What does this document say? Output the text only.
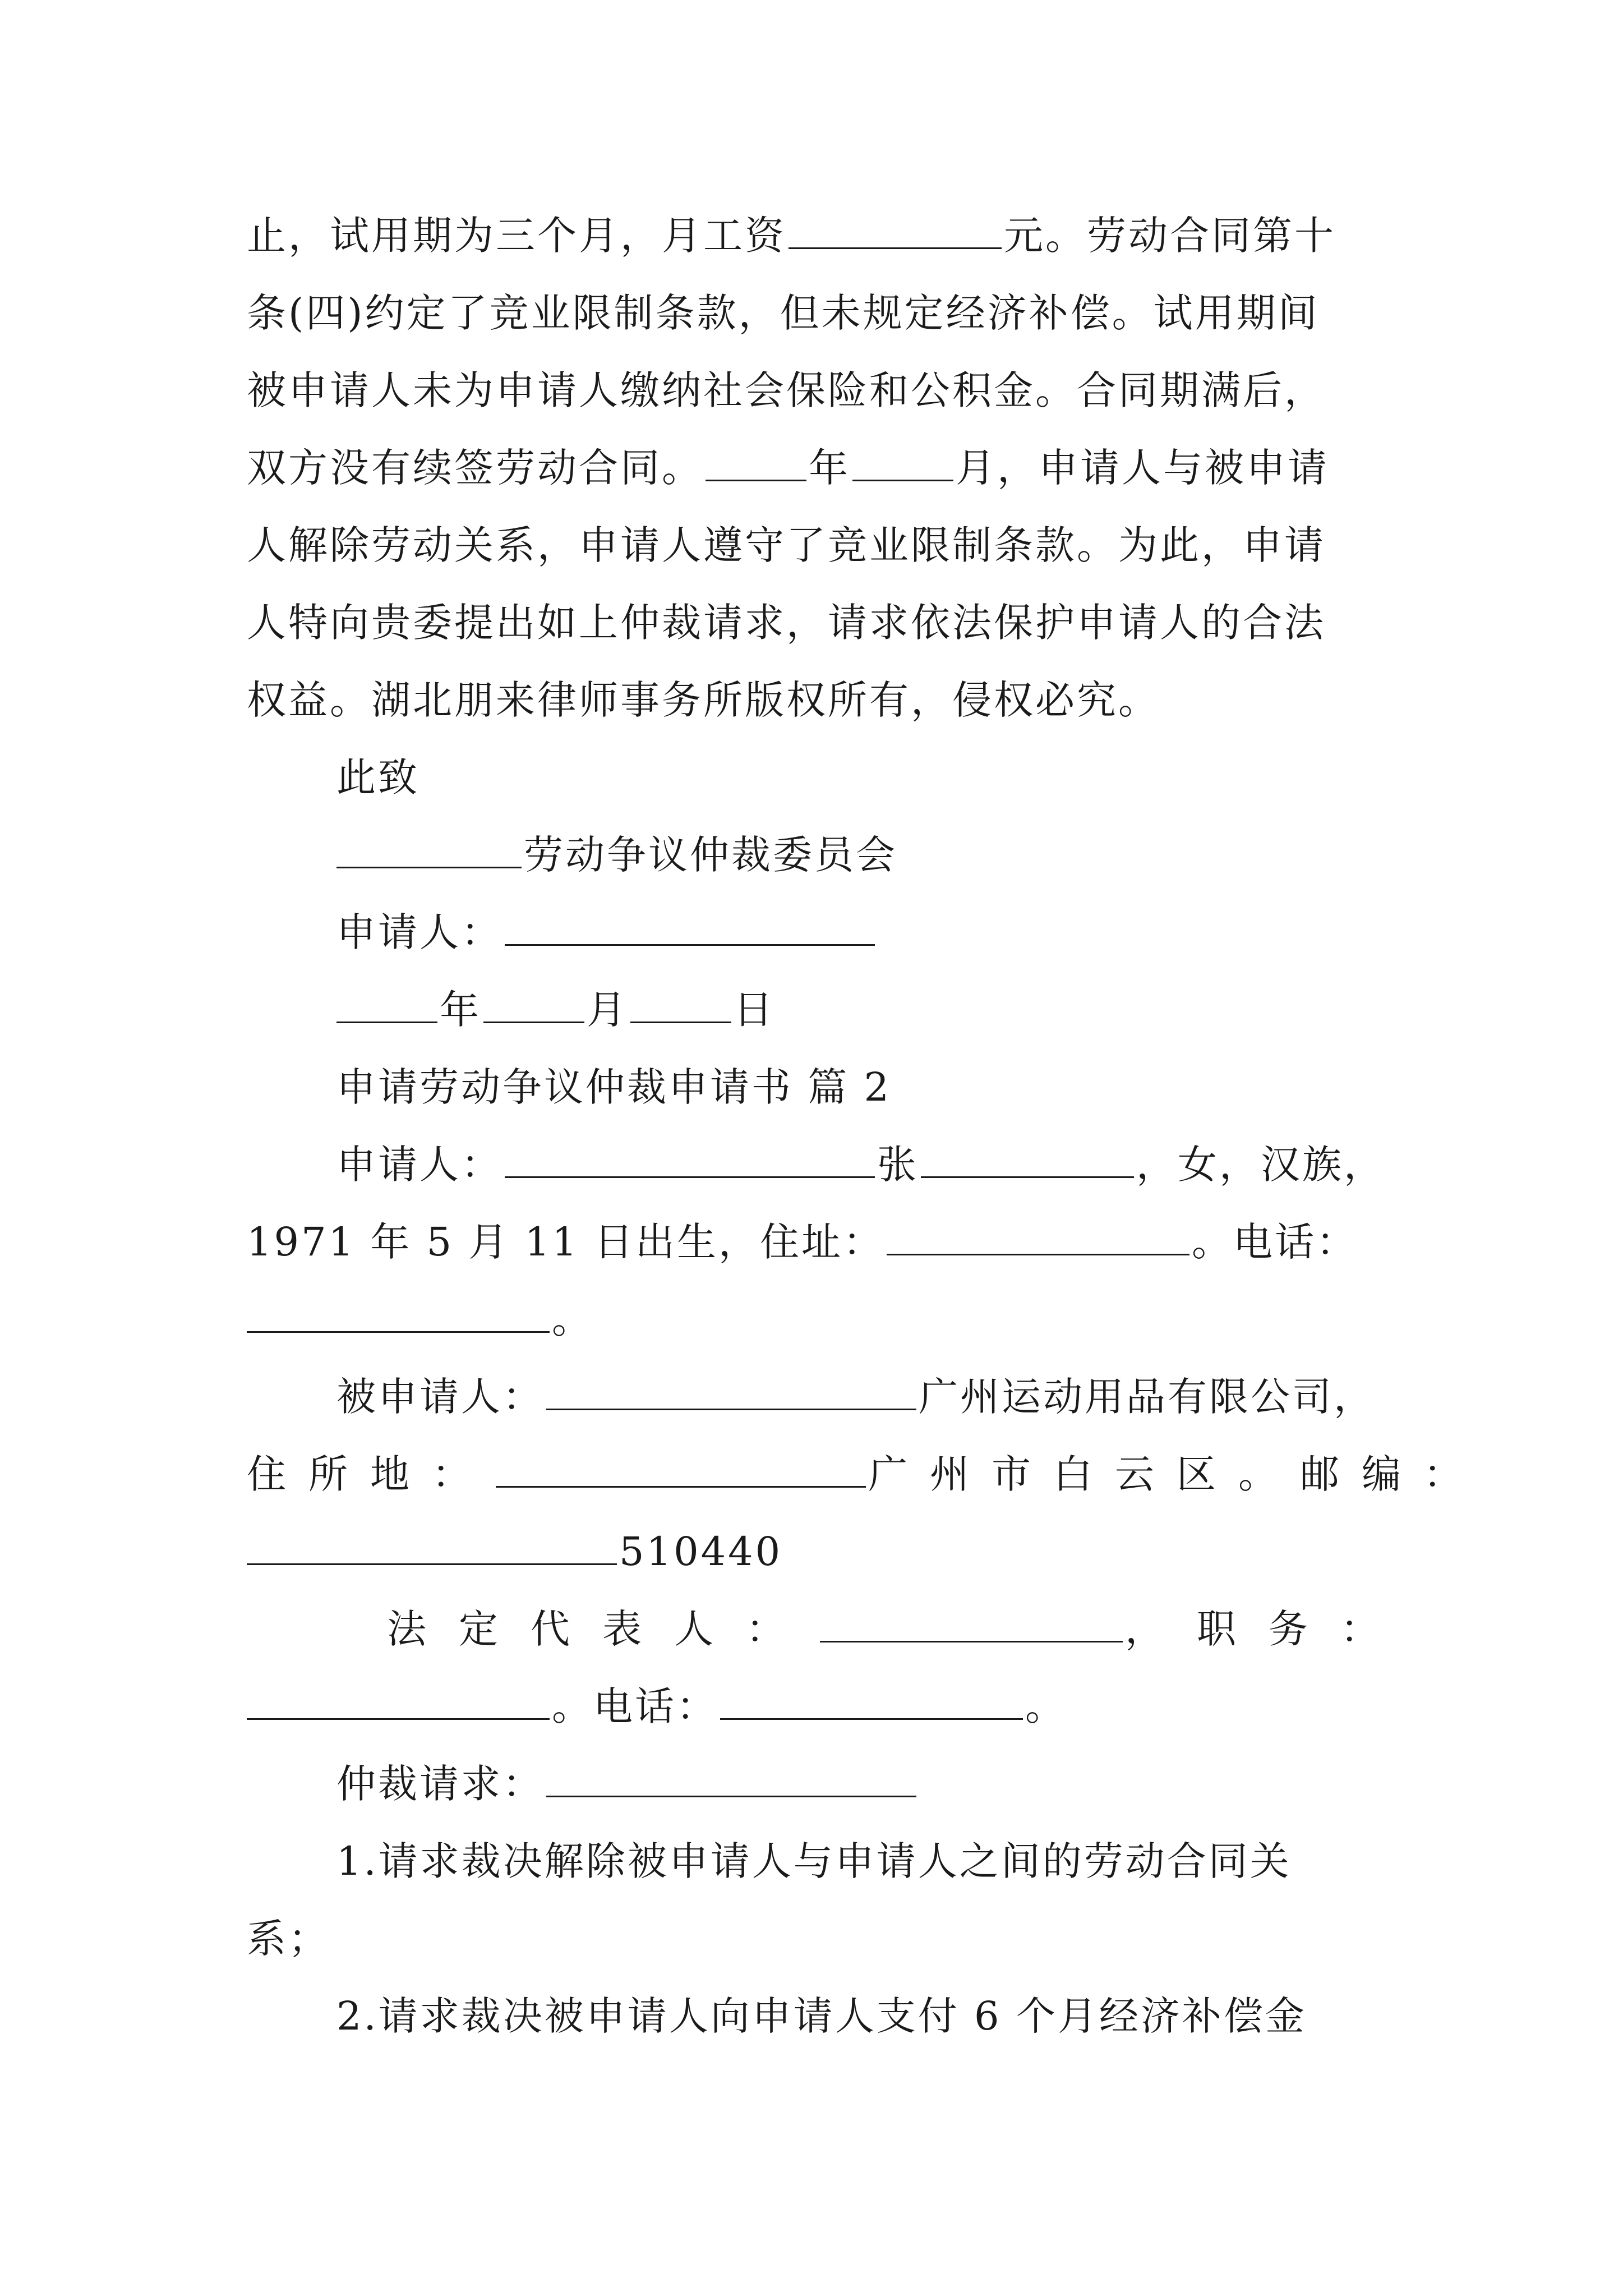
止，试用期为三个月，月工资	元。劳动合同第十
条(四)约定了竞业限制条款，但未规定经济补偿。试用期间
被申请人未为申请人缴纳社会保险和公积金。合同期满后，
双方没有续签劳动合同。	年	月，申请人与被申请
人解除劳动关系，申请人遵守了竞业限制条款。为此，申请
人特向贵委提出如上仲裁请求，请求依法保护申请人的合法
权益。湖北朋来律师事务所版权所有，侵权必究。
此致
劳动争议仲裁委员会
申请人：
年	月	日
申请劳动争议仲裁申请书 篇 2
申请人：	张	，女，汉族，
1971 年 5 月 11 日出生，住址：	。电话：
。
被申请人：	广州运动用品有限公司，
住所地：	广州市白云区。邮编：
510440
法定代表人：	，职务：
。电话：	。
仲裁请求：
1.请求裁决解除被申请人与申请人之间的劳动合同关
系；
2.请求裁决被申请人向申请人支付 6 个月经济补偿金
